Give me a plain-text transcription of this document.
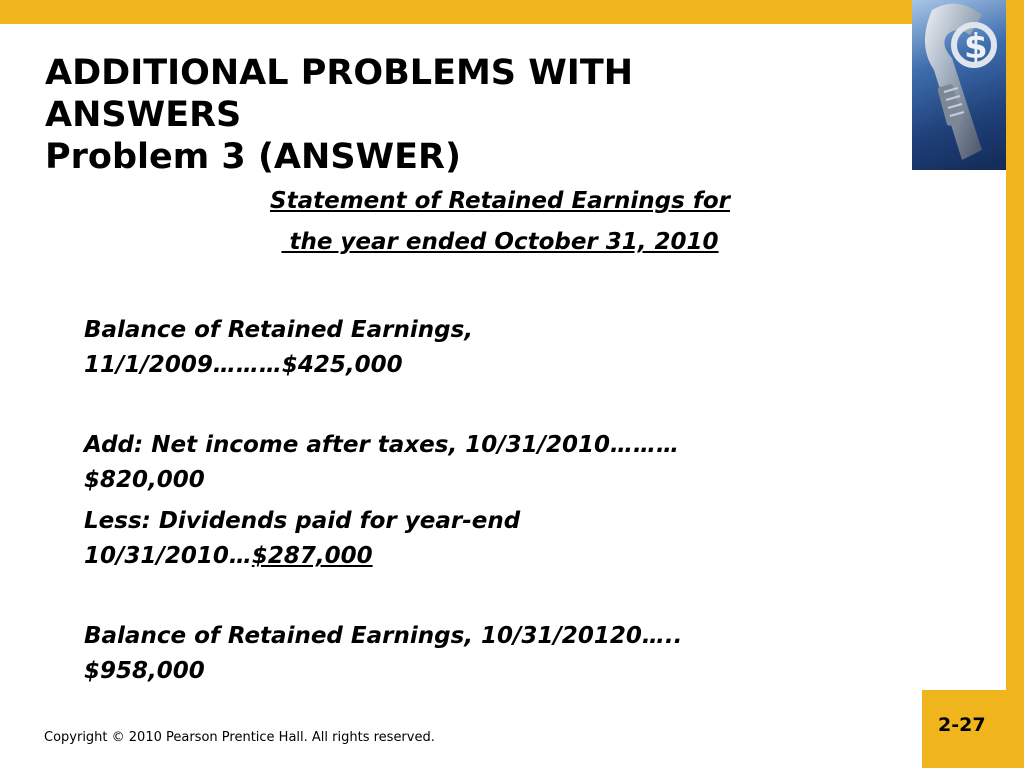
$
ADDITIONAL PROBLEMS WITH
ANSWERS
Problem 3 (ANSWER)
Statement of Retained Earnings for
the year ended October 31, 2010
Balance of Retained Earnings,
11/1/2009………$425,000
Add: Net income after taxes, 10/31/2010………
$820,000
Less: Dividends paid for year-end
10/31/2010…$287,000
Balance of Retained Earnings, 10/31/20120…..
$958,000
Copyright © 2010 Pearson Prentice Hall. All rights reserved.
2-27
